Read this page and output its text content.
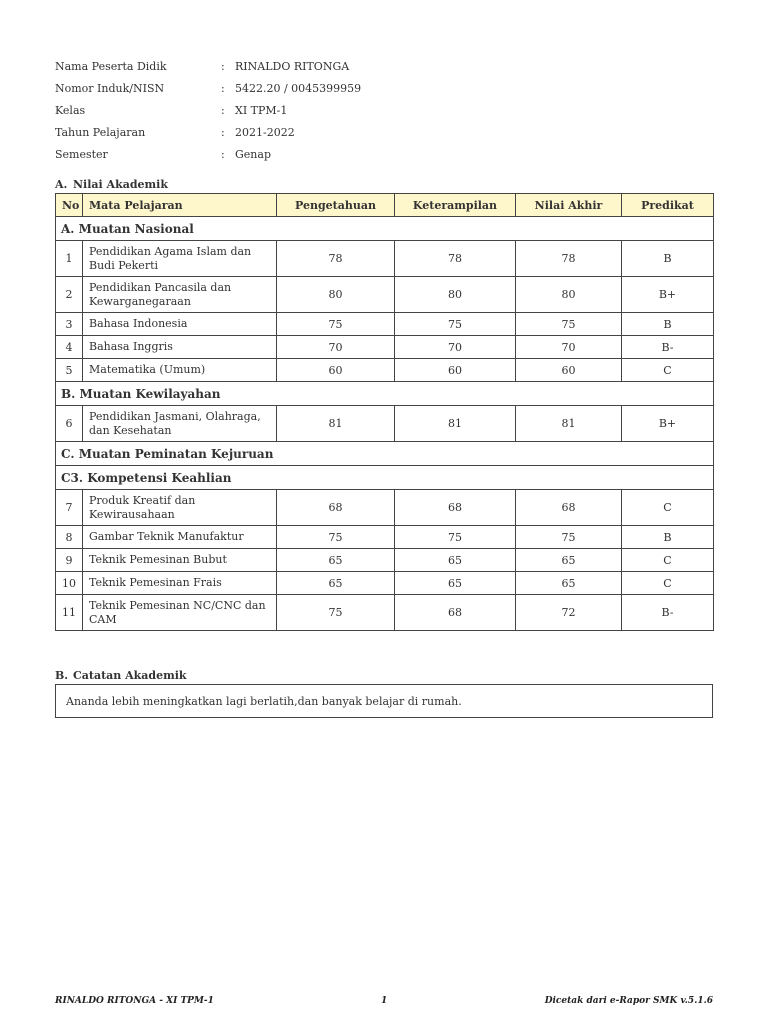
Nama Peserta Didik	: RINALDO RITONGA
Nomor Induk/NISN	: 5422.20 / 0045399959
Kelas	: XI TPM-1
Tahun Pelajaran	: 2021-2022
Semester	: Genap
A. Nilai Akademik
No	Mata Pelajaran	Pengetahuan	Keterampilan	Nilai Akhir	Predikat
A. Muatan Nasional					
1	Pendidikan Agama Islam dan Budi Pekerti	78	78	78	B
2	Pendidikan Pancasila dan Kewarganegaraan	80	80	80	B+
3	Bahasa Indonesia	75	75	75	B
4	Bahasa Inggris	70	70	70	B-
5	Matematika (Umum)	60	60	60	C
B. Muatan Kewilayahan					
6	Pendidikan Jasmani, Olahraga, dan Kesehatan	81	81	81	B+
C. Muatan Peminatan Kejuruan					
C3. Kompetensi Keahlian					
7	Produk Kreatif dan Kewirausahaan	68	68	68	C
8	Gambar Teknik Manufaktur	75	75	75	B
9	Teknik Pemesinan Bubut	65	65	65	C
10	Teknik Pemesinan Frais	65	65	65	C
11	Teknik Pemesinan NC/CNC dan CAM	75	68	72	B-
B. Catatan Akademik
Ananda lebih meningkatkan lagi berlatih,dan banyak belajar di rumah.
RINALDO RITONGA - XI TPM-1	1	Dicetak dari e-Rapor SMK v.5.1.6
